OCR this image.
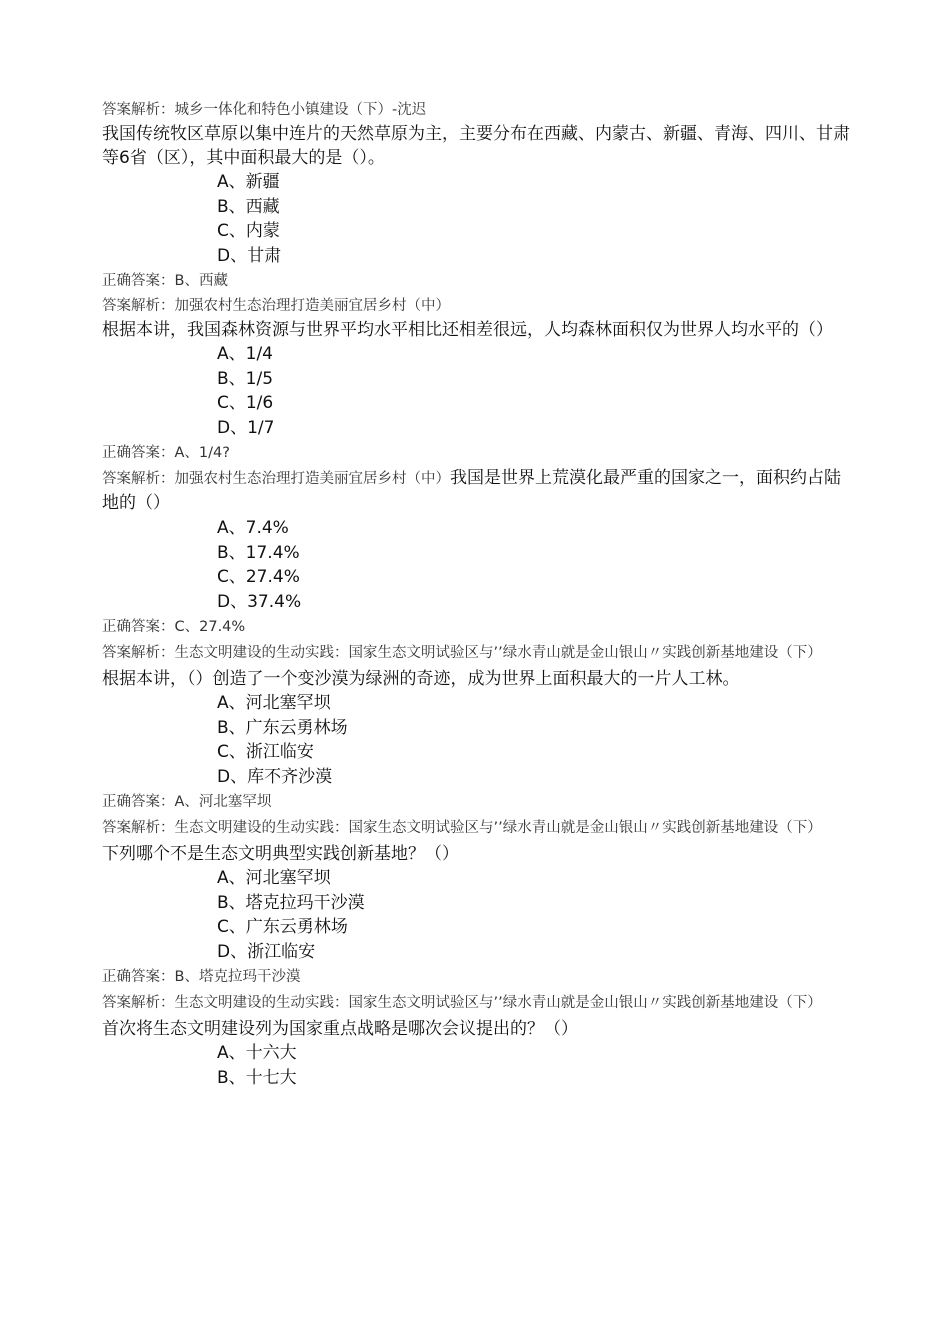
答案解析：城乡一体化和特色小镇建设（下）-沈迟

我国传统牧区草原以集中连片的天然草原为主，主要分布在西藏、内蒙古、新疆、青海、四川、甘肃等6省（区），其中面积最大的是（）。

A、新疆

B、西藏

C、内蒙

D、甘肃

正确答案：B、西藏

答案解析：加强农村生态治理打造美丽宜居乡村（中）

根据本讲，我国森林资源与世界平均水平相比还相差很远，人均森林面积仅为世界人均水平的（）

A、1/4

B、1/5

C、1/6

D、1/7

正确答案：A、1/4?

答案解析：加强农村生态治理打造美丽宜居乡村（中）我国是世界上荒漠化最严重的国家之一，面积约占陆地的（）

A、7.4%

B、17.4%

C、27.4%

D、37.4%

正确答案：C、27.4%

答案解析：生态文明建设的生动实践：国家生态文明试验区与’’绿水青山就是金山银山〃实践创新基地建设（下）

根据本讲，（）创造了一个变沙漠为绿洲的奇迹，成为世界上面积最大的一片人工林。

A、河北塞罕坝

B、广东云勇林场

C、浙江临安

D、库不齐沙漠

正确答案：A、河北塞罕坝

答案解析：生态文明建设的生动实践：国家生态文明试验区与’’绿水青山就是金山银山〃实践创新基地建设（下）

下列哪个不是生态文明典型实践创新基地？（）

A、河北塞罕坝

B、塔克拉玛干沙漠

C、广东云勇林场

D、浙江临安

正确答案：B、塔克拉玛干沙漠

答案解析：生态文明建设的生动实践：国家生态文明试验区与’’绿水青山就是金山银山〃实践创新基地建设（下）

首次将生态文明建设列为国家重点战略是哪次会议提出的？（）

A、十六大

B、十七大
